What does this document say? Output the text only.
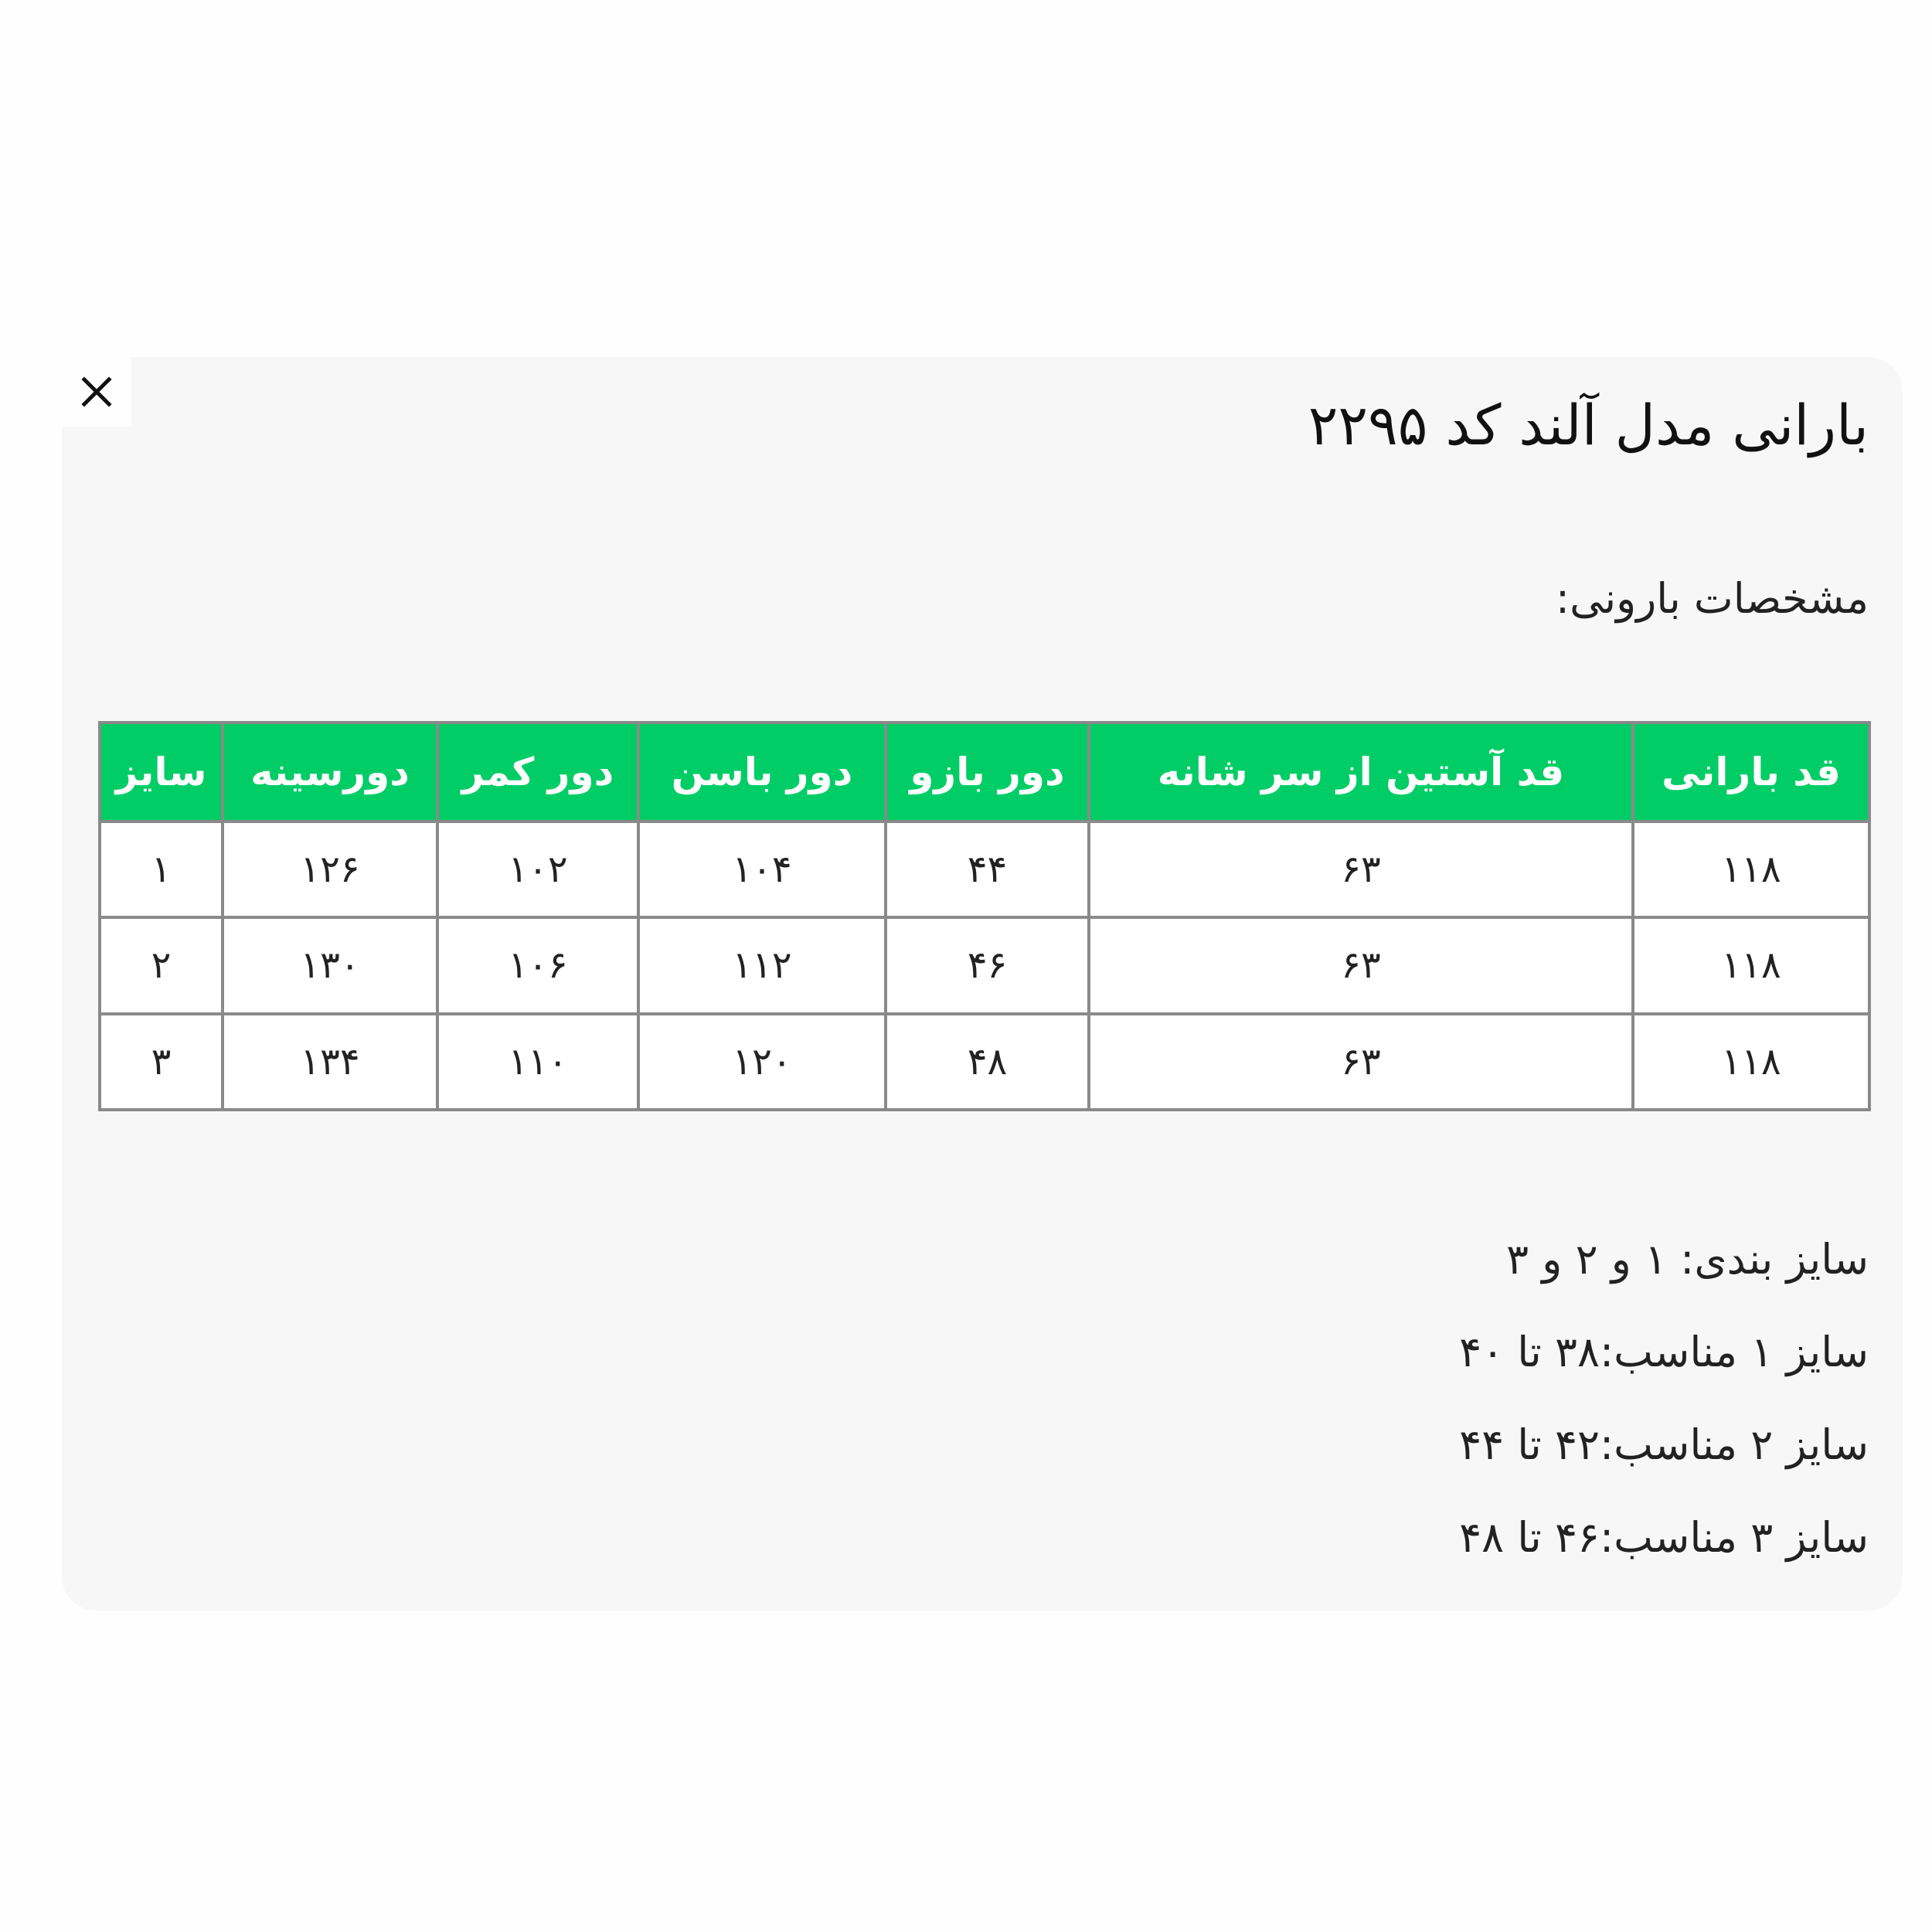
بارانی مدل آلند کد ۲۲۹۵

مشخصات بارونی:

قد بارانی	قد آستین از سر شانه	دور بازو	دور باسن	دور کمر	دورسینه	سایز
۱۱۸	۶۳	۴۴	۱۰۴	۱۰۲	۱۲۶	۱
۱۱۸	۶۳	۴۶	۱۱۲	۱۰۶	۱۳۰	۲
۱۱۸	۶۳	۴۸	۱۲۰	۱۱۰	۱۳۴	۳
سایز بندی: ۱ و ۲ و ۳
سایز ۱ مناسب:۳۸ تا ۴۰
سایز ۲ مناسب:۴۲ تا ۴۴
سایز ۳ مناسب:۴۶ تا ۴۸
